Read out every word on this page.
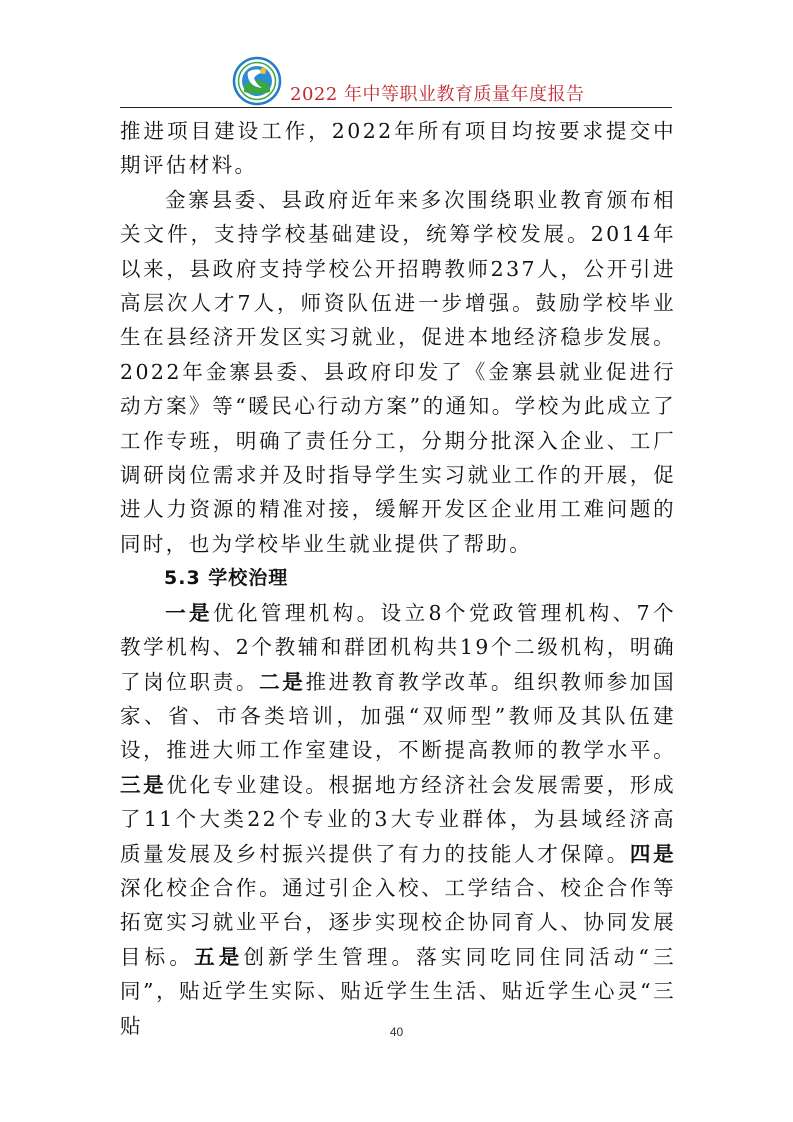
2022 年中等职业教育质量年度报告

推进项目建设工作，2022年所有项目均按要求提交中期评估材料。

金寨县委、县政府近年来多次围绕职业教育颁布相关文件，支持学校基础建设，统筹学校发展。2014年以来，县政府支持学校公开招聘教师237人，公开引进高层次人才7人，师资队伍进一步增强。鼓励学校毕业生在县经济开发区实习就业，促进本地经济稳步发展。2022年金寨县委、县政府印发了《金寨县就业促进行动方案》等“暖民心行动方案”的通知。学校为此成立了工作专班，明确了责任分工，分期分批深入企业、工厂调研岗位需求并及时指导学生实习就业工作的开展，促进人力资源的精准对接，缓解开发区企业用工难问题的同时，也为学校毕业生就业提供了帮助。

5.3 学校治理

一是优化管理机构。设立8个党政管理机构、7个教学机构、2个教辅和群团机构共19个二级机构，明确了岗位职责。二是推进教育教学改革。组织教师参加国家、省、市各类培训，加强“双师型”教师及其队伍建设，推进大师工作室建设，不断提高教师的教学水平。三是优化专业建设。根据地方经济社会发展需要，形成了11个大类22个专业的3大专业群体，为县域经济高质量发展及乡村振兴提供了有力的技能人才保障。四是深化校企合作。通过引企入校、工学结合、校企合作等拓宽实习就业平台，逐步实现校企协同育人、协同发展目标。五是创新学生管理。落实同吃同住同活动“三同”，贴近学生实际、贴近学生生活、贴近学生心灵“三贴	40
